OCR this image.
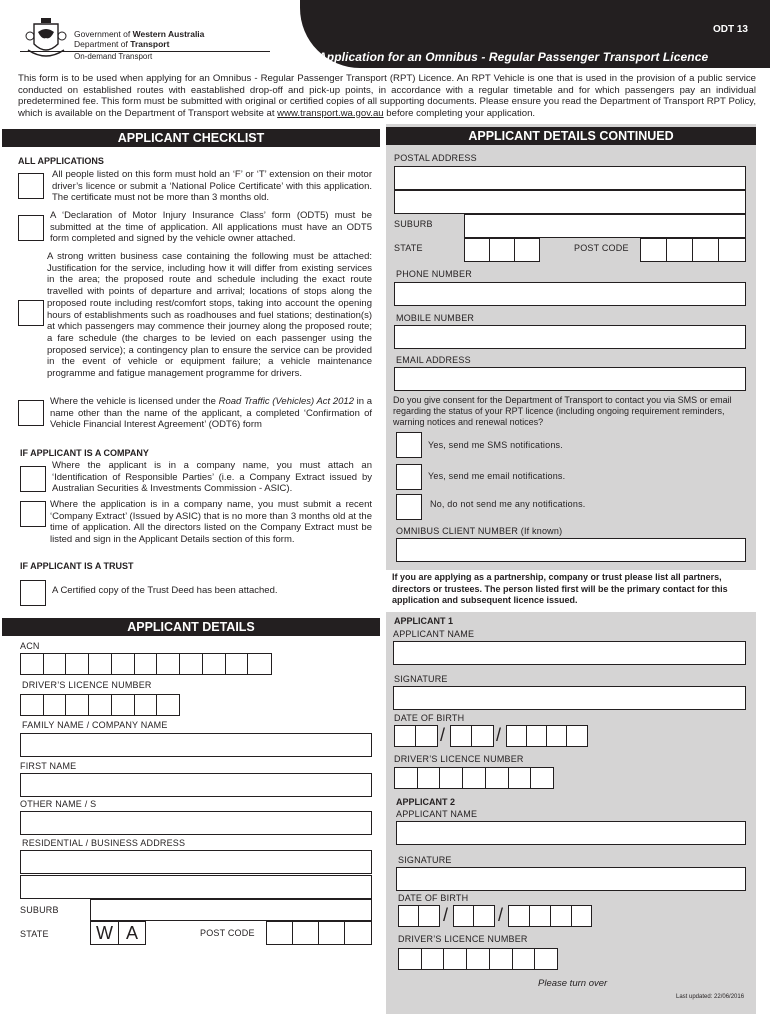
Government of Western Australia
Department of Transport
On-demand Transport
ODT 13
Application for an Omnibus - Regular Passenger Transport Licence
This form is to be used when applying for an Omnibus - Regular Passenger Transport (RPT) Licence. An RPT Vehicle is one that is used in the provision of a public service conducted on established routes with eastablished drop-off and pick-up points, in accordance with a regular timetable and for which passengers pay an individual predetermined fee. This form must be submitted with original or certified copies of all supporting documents. Please ensure you read the Department of Transport RPT Policy, which is available on the Department of Transport website at www.transport.wa.gov.au before completing your application.
APPLICANT CHECKLIST
ALL APPLICATIONS
All people listed on this form must hold an ‘F’ or ‘T’ extension on their motor driver’s licence or submit a ‘National Police Certificate’ with this application. The certificate must not be more than 3 months old.
A ‘Declaration of Motor Injury Insurance Class’ form (ODT5) must be submitted at the time of application. All applications must have an ODT5 form completed and signed by the vehicle owner attached.
A strong written business case containing the following must be attached: Justification for the service, including how it will differ from existing services in the area; the proposed route and schedule including the exact route travelled with points of departure and arrival; locations of stops along the proposed route including rest/comfort stops, taking into account the opening hours of establishments such as roadhouses and fuel stations; destination(s) at which passengers may commence their journey along the proposed route; a fare schedule (the charges to be levied on each passenger using the proposed service); a contingency plan to ensure the service can be provided in the event of vehicle or equipment failure; a vehicle maintenance programme and fatigue management programme for drivers.
Where the vehicle is licensed under the Road Traffic (Vehicles) Act 2012 in a name other than the name of the applicant, a completed ‘Confirmation of Vehicle Financial Interest Agreement’ (ODT6) form
IF APPLICANT IS A COMPANY
Where the applicant is in a company name, you must attach an ‘Identification of Responsible Parties’ (i.e. a Company Extract issued by Australian Securities & Investments Commission - ASIC).
Where the application is in a company name, you must submit a recent ‘Company Extract’ (Issued by ASIC) that is no more than 3 months old at the time of application. All the directors listed on the Company Extract must be listed and sign in the Applicant Details section of this form.
IF APPLICANT IS A TRUST
A Certified copy of the Trust Deed has been attached.
APPLICANT DETAILS
ACN
DRIVER’S LICENCE NUMBER
FAMILY NAME / COMPANY NAME
FIRST NAME
OTHER NAME / S
RESIDENTIAL / BUSINESS ADDRESS
SUBURB
STATE	W A	POST CODE
APPLICANT DETAILS CONTINUED
POSTAL ADDRESS
SUBURB
STATE	POST CODE
PHONE NUMBER
MOBILE NUMBER
EMAIL ADDRESS
Do you give consent for the Department of Transport to contact you via SMS or email regarding the status of your RPT licence (including ongoing requirement reminders, warning notices and renewal notices?
Yes, send me SMS notifications.
Yes, send me email notifications.
No, do not send me any notifications.
OMNIBUS CLIENT NUMBER (If known)
If you are applying as a partnership, company or trust please list all partners, directors or trustees. The person listed first will be the primary contact for this application and subsequent licence issued.
APPLICANT 1
APPLICANT NAME
SIGNATURE
DATE OF BIRTH
/	/
DRIVER’S LICENCE NUMBER
APPLICANT 2
APPLICANT NAME
SIGNATURE
DATE OF BIRTH
/	/
DRIVER’S LICENCE NUMBER
Please turn over
Last updated: 22/06/2016
